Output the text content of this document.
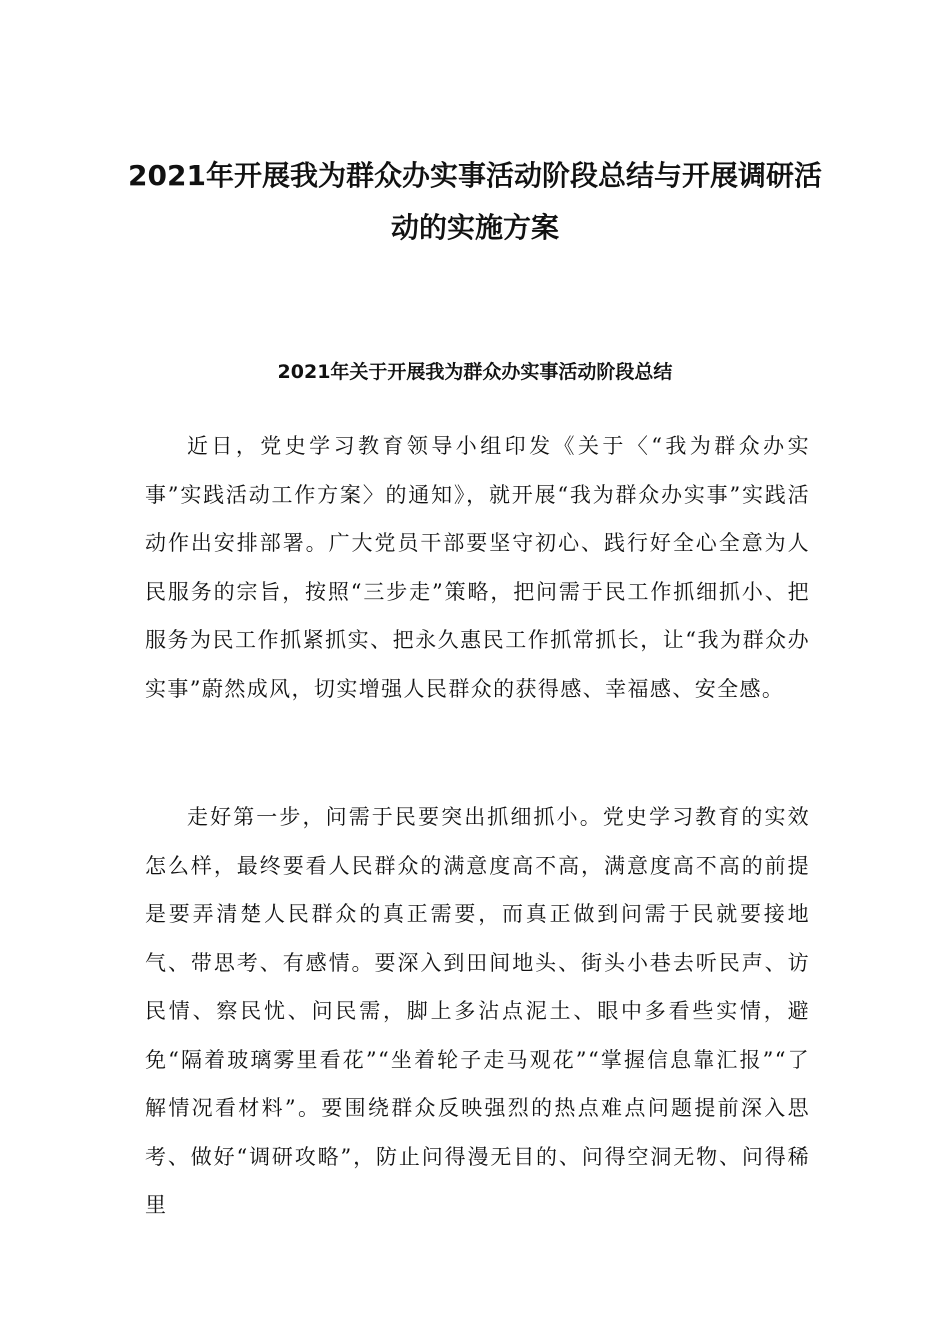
2021年开展我为群众办实事活动阶段总结与开展调研活动的实施方案
2021年关于开展我为群众办实事活动阶段总结

近日，党史学习教育领导小组印发《关于〈“我为群众办实事”实践活动工作方案〉的通知》，就开展“我为群众办实事”实践活动作出安排部署。广大党员干部要坚守初心、践行好全心全意为人民服务的宗旨，按照“三步走”策略，把问需于民工作抓细抓小、把服务为民工作抓紧抓实、把永久惠民工作抓常抓长，让“我为群众办实事”蔚然成风，切实增强人民群众的获得感、幸福感、安全感。

走好第一步，问需于民要突出抓细抓小。党史学习教育的实效怎么样，最终要看人民群众的满意度高不高，满意度高不高的前提是要弄清楚人民群众的真正需要，而真正做到问需于民就要接地气、带思考、有感情。要深入到田间地头、街头小巷去听民声、访民情、察民忧、问民需，脚上多沾点泥土、眼中多看些实情，避免“隔着玻璃雾里看花”“坐着轮子走马观花”“掌握信息靠汇报”“了解情况看材料”。要围绕群众反映强烈的热点难点问题提前深入思考、做好“调研攻略”，防止问得漫无目的、问得空洞无物、问得稀里
